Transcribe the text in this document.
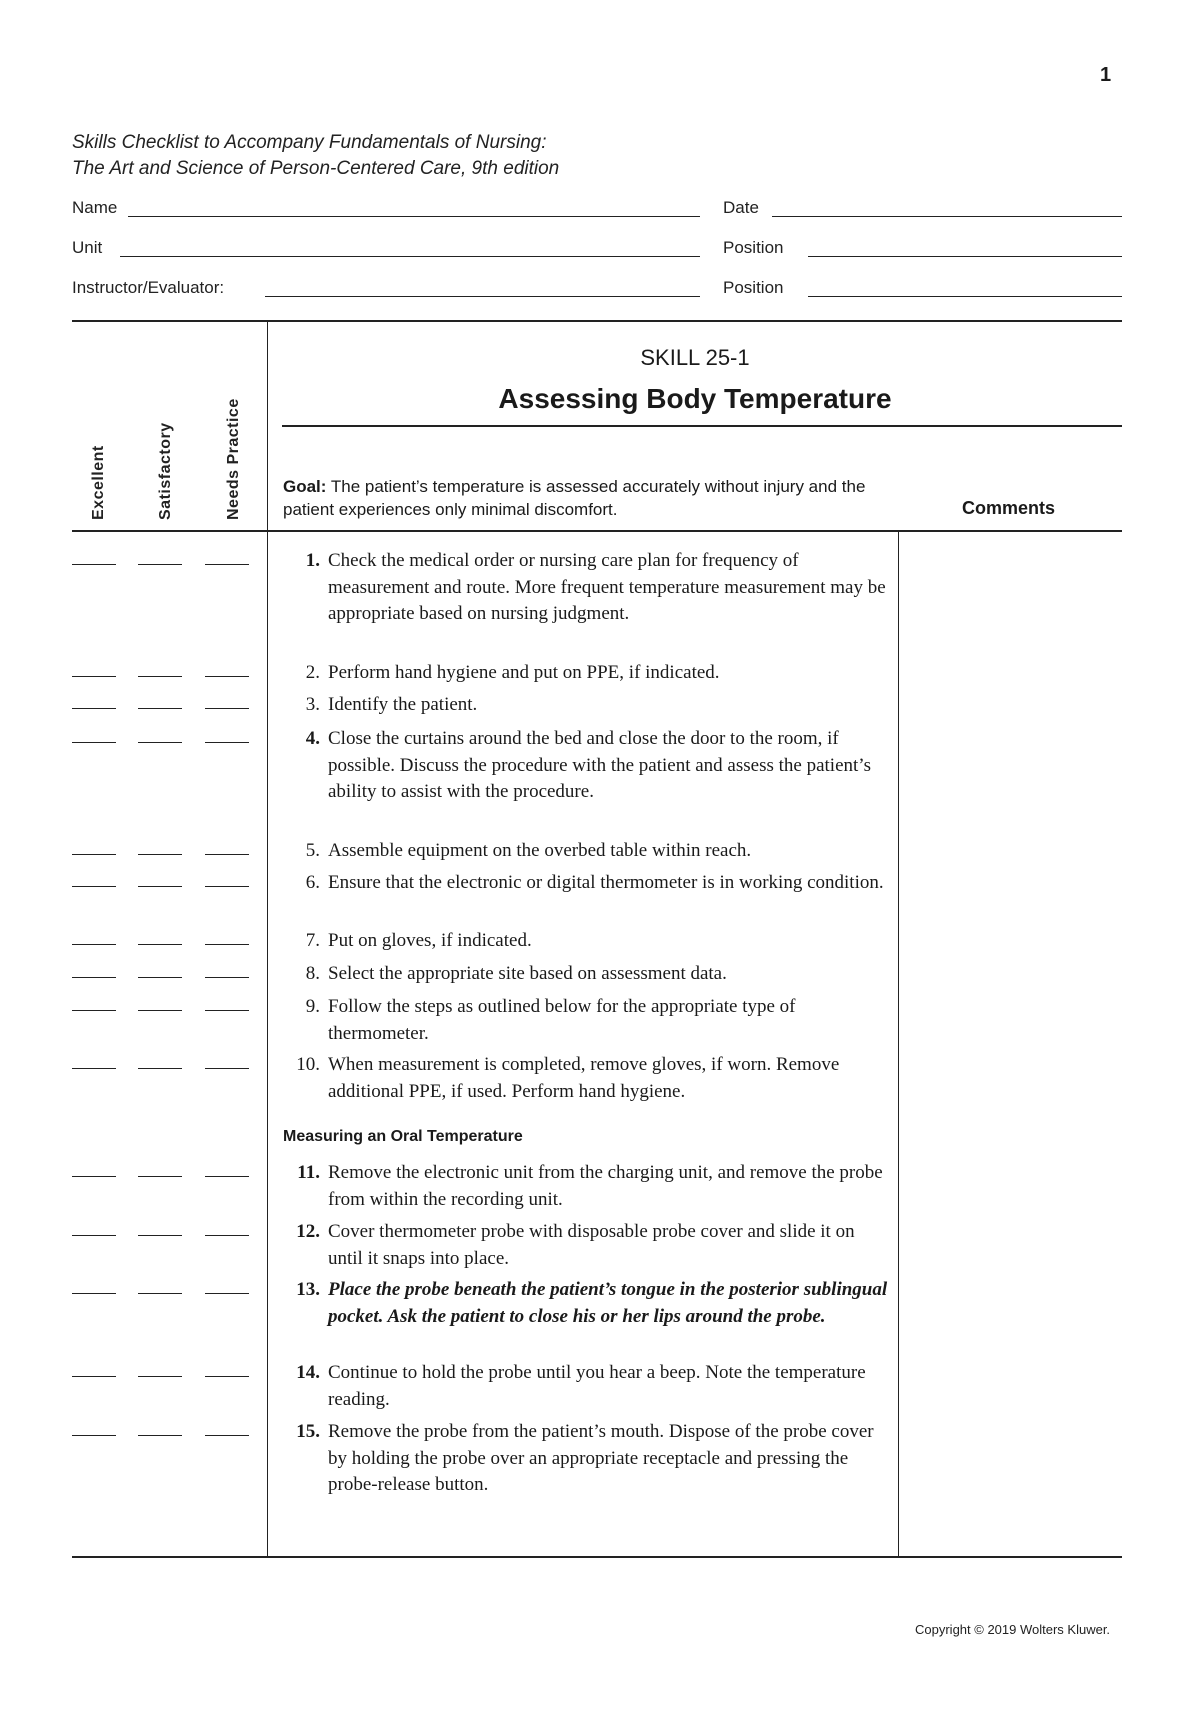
1
Skills Checklist to Accompany Fundamentals of Nursing:
The Art and Science of Person-Centered Care, 9th edition
Name	Date
Unit	Position
Instructor/Evaluator:	Position
Excellent	Satisfactory	Needs Practice
SKILL 25-1
Assessing Body Temperature
Goal: The patient’s temperature is assessed accurately without injury and the patient experiences only minimal discomfort.	Comments
1. Check the medical order or nursing care plan for frequency of measurement and route. More frequent temperature measurement may be appropriate based on nursing judgment.
2. Perform hand hygiene and put on PPE, if indicated.
3. Identify the patient.
4. Close the curtains around the bed and close the door to the room, if possible. Discuss the procedure with the patient and assess the patient’s ability to assist with the procedure.
5. Assemble equipment on the overbed table within reach.
6. Ensure that the electronic or digital thermometer is in working condition.
7. Put on gloves, if indicated.
8. Select the appropriate site based on assessment data.
9. Follow the steps as outlined below for the appropriate type of thermometer.
10. When measurement is completed, remove gloves, if worn. Remove additional PPE, if used. Perform hand hygiene.
11. Remove the electronic unit from the charging unit, and remove the probe from within the recording unit.
12. Cover thermometer probe with disposable probe cover and slide it on until it snaps into place.
13. Place the probe beneath the patient’s tongue in the posterior sublingual pocket. Ask the patient to close his or her lips around the probe.
14. Continue to hold the probe until you hear a beep. Note the temperature reading.
15. Remove the probe from the patient’s mouth. Dispose of the probe cover by holding the probe over an appropriate receptacle and pressing the probe-release button.
Measuring an Oral Temperature
Copyright © 2019 Wolters Kluwer.
